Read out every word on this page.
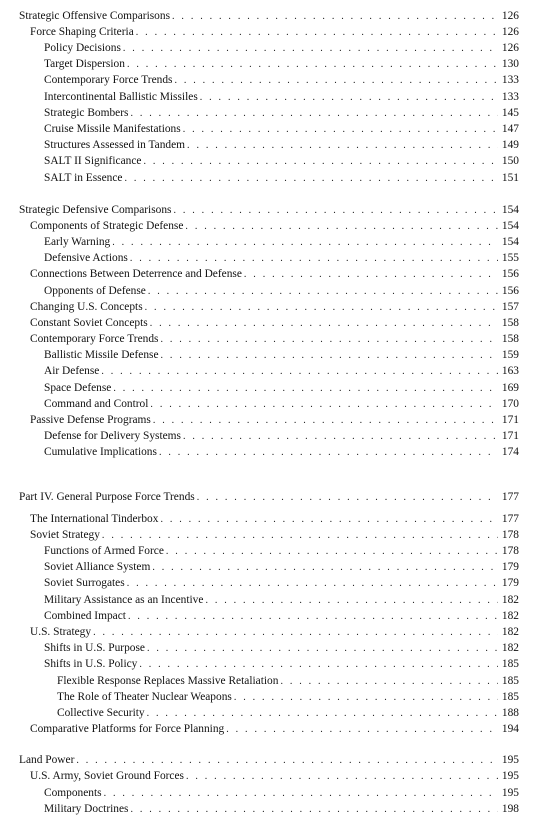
Strategic Offensive Comparisons . . .	126
Force Shaping Criteria . . .	126
Policy Decisions . . .	126
Target Dispersion . . .	130
Contemporary Force Trends . . .	133
Intercontinental Ballistic Missiles . . .	133
Strategic Bombers . . .	145
Cruise Missile Manifestations . . .	147
Structures Assessed in Tandem . . .	149
SALT II Significance . . .	150
SALT in Essence . . .	151
Strategic Defensive Comparisons . . .	154
Components of Strategic Defense . . .	154
Early Warning . . .	154
Defensive Actions . . .	155
Connections Between Deterrence and Defense . . .	156
Opponents of Defense . . .	156
Changing U.S. Concepts . . .	157
Constant Soviet Concepts . . .	158
Contemporary Force Trends . . .	158
Ballistic Missile Defense . . .	159
Air Defense . . .	163
Space Defense . . .	169
Command and Control . . .	170
Passive Defense Programs . . .	171
Defense for Delivery Systems . . .	171
Cumulative Implications . . .	174
Part IV. General Purpose Force Trends . . .	177
The International Tinderbox . . .	177
Soviet Strategy . . .	178
Functions of Armed Force . . .	178
Soviet Alliance System . . .	179
Soviet Surrogates . . .	179
Military Assistance as an Incentive . . .	182
Combined Impact . . .	182
U.S. Strategy . . .	182
Shifts in U.S. Purpose . . .	182
Shifts in U.S. Policy . . .	185
Flexible Response Replaces Massive Retaliation . . .	185
The Role of Theater Nuclear Weapons . . .	185
Collective Security . . .	188
Comparative Platforms for Force Planning . . .	194
Land Power . . .	195
U.S. Army, Soviet Ground Forces . . .	195
Components . . .	195
Military Doctrines . . .	198
